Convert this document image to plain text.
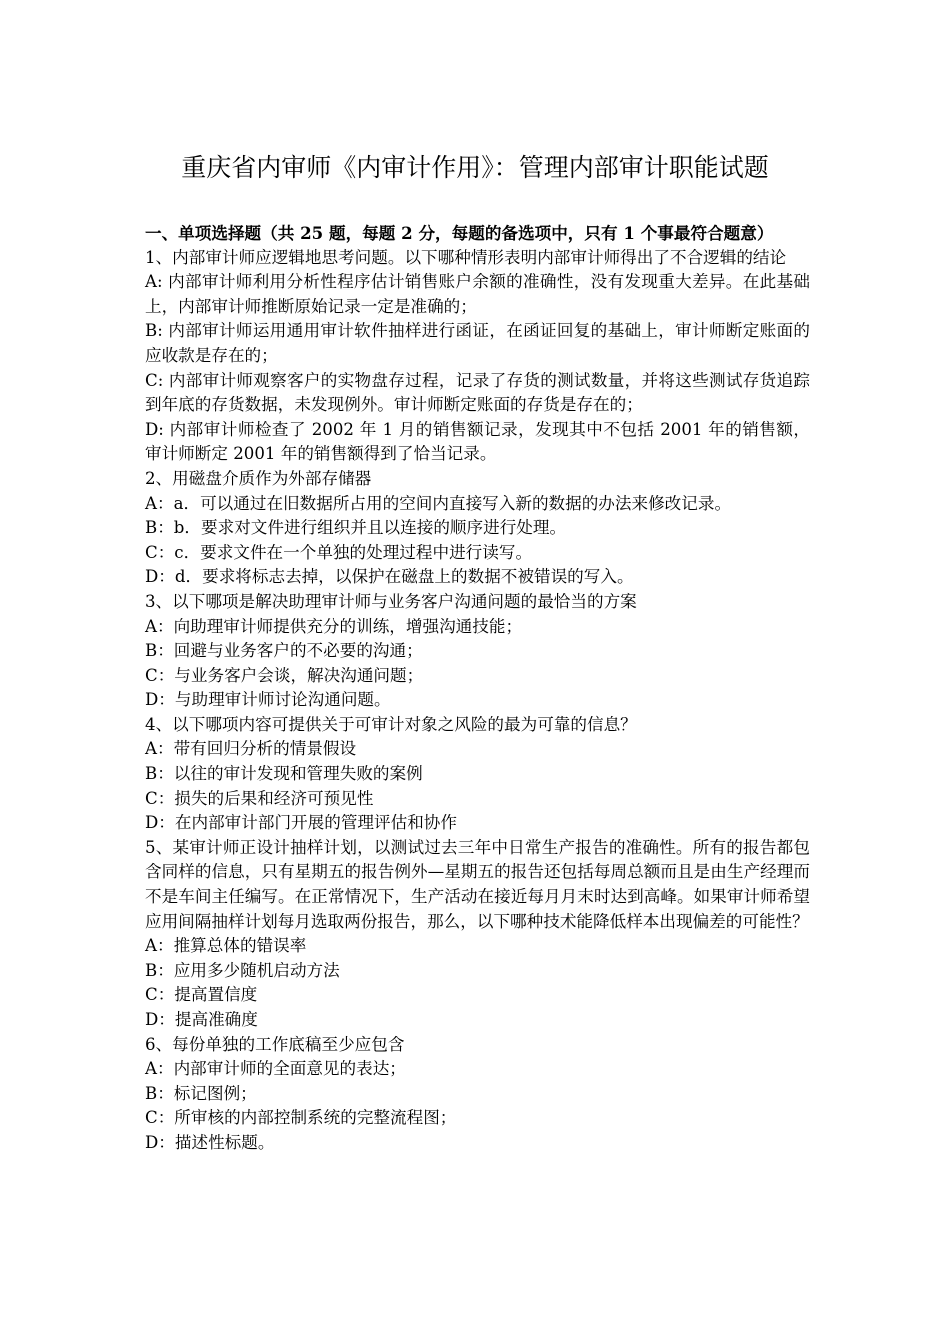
重庆省内审师《内审计作用》：管理内部审计职能试题

一、单项选择题（共 25 题，每题 2 分，每题的备选项中，只有 1 个事最符合题意）

1、内部审计师应逻辑地思考问题。以下哪种情形表明内部审计师得出了不合逻辑的结论

A: 内部审计师利用分析性程序估计销售账户余额的准确性，没有发现重大差异。在此基础上，内部审计师推断原始记录一定是准确的；

B: 内部审计师运用通用审计软件抽样进行函证，在函证回复的基础上，审计师断定账面的应收款是存在的；

C: 内部审计师观察客户的实物盘存过程，记录了存货的测试数量，并将这些测试存货追踪到年底的存货数据，未发现例外。审计师断定账面的存货是存在的；

D: 内部审计师检查了 2002 年 1 月的销售额记录，发现其中不包括 2001 年的销售额，审计师断定 2001 年的销售额得到了恰当记录。

2、用磁盘介质作为外部存储器

A：a．可以通过在旧数据所占用的空间内直接写入新的数据的办法来修改记录。

B：b．要求对文件进行组织并且以连接的顺序进行处理。

C：c．要求文件在一个单独的处理过程中进行读写。

D：d．要求将标志去掉，以保护在磁盘上的数据不被错误的写入。

3、以下哪项是解决助理审计师与业务客户沟通问题的最恰当的方案

A：向助理审计师提供充分的训练，增强沟通技能；

B：回避与业务客户的不必要的沟通；

C：与业务客户会谈，解决沟通问题；

D：与助理审计师讨论沟通问题。

4、以下哪项内容可提供关于可审计对象之风险的最为可靠的信息？

A：带有回归分析的情景假设

B：以往的审计发现和管理失败的案例

C：损失的后果和经济可预见性

D：在内部审计部门开展的管理评估和协作

5、某审计师正设计抽样计划，以测试过去三年中日常生产报告的准确性。所有的报告都包含同样的信息，只有星期五的报告例外—星期五的报告还包括每周总额而且是由生产经理而不是车间主任编写。在正常情况下，生产活动在接近每月月末时达到高峰。如果审计师希望应用间隔抽样计划每月选取两份报告，那么，以下哪种技术能降低样本出现偏差的可能性？

A：推算总体的错误率

B：应用多少随机启动方法

C：提高置信度

D：提高准确度

6、每份单独的工作底稿至少应包含

A：内部审计师的全面意见的表达；

B：标记图例；

C：所审核的内部控制系统的完整流程图；

D：描述性标题。
